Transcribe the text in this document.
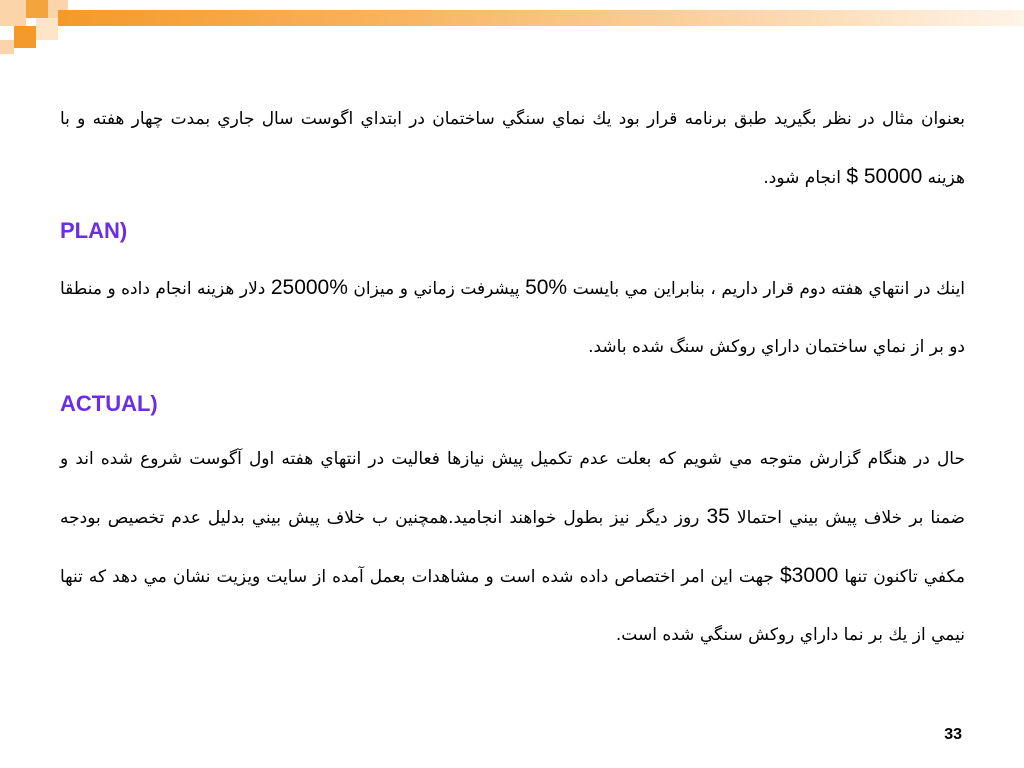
بعنوان مثال در نظر بگيريد طبق برنامه قرار بود يك نماي سنگي ساختمان در ابتداي اگوست سال جاري بمدت چهار هفته و با هزينه $ 50000 انجام شود.
PLAN)
اينك در انتهاي هفته دوم قرار داريم ، بنابراين مي بايست 50% پيشرفت زماني و ميزان 25000% دلار هزينه انجام داده و منطقا دو بر از نماي ساختمان داراي روكش سنگ شده باشد.
ACTUAL)
حال در هنگام گزارش متوجه مي شويم كه بعلت عدم تكميل پيش نيازها فعاليت در انتهاي هفته اول آگوست شروع شده اند و ضمنا بر خلاف پيش بيني احتمالا 35 روز ديگر نيز بطول خواهند انجاميد.همچنين ب خلاف پيش بيني بدليل عدم تخصيص بودجه مكفي تاكنون تنها $3000 جهت اين امر اختصاص داده شده است و مشاهدات بعمل آمده از سايت ويزيت نشان مي دهد كه تنها نيمي از يك بر نما داراي روكش سنگي شده است.
33
